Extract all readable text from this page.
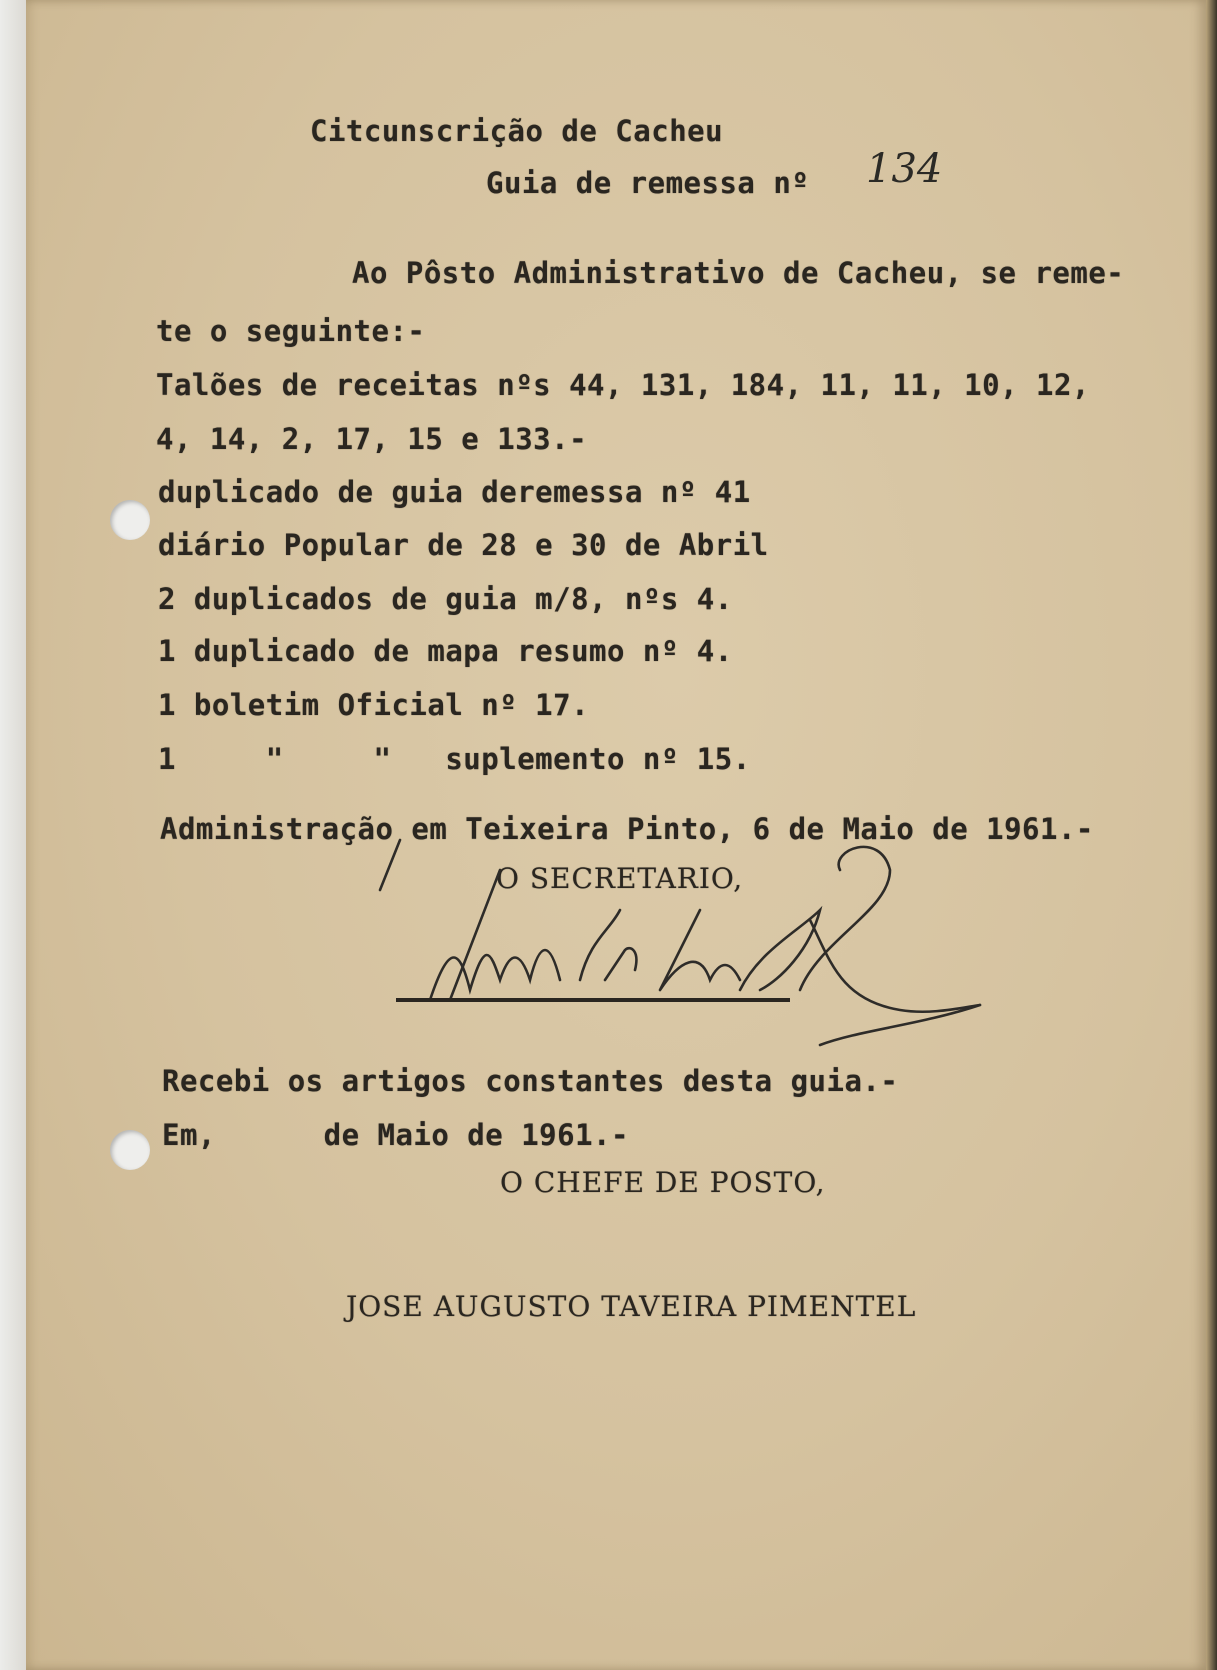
Citcunscrição de Cacheu
Guia de remessa nº 134
Ao Pôsto Administrativo de Cacheu, se reme-
te o seguinte:-
Talões de receitas nºs 44, 131, 184, 11, 11, 10, 12,
4, 14, 2, 17, 15 e 133.-
duplicado de guia deremessa nº 41
diário Popular de 28 e 30 de Abril
2 duplicados de guia m/8, nºs 4.
1 duplicado de mapa resumo nº 4.
1 boletim Oficial nº 17.
1     "     "   suplemento nº 15.
Administração em Teixeira Pinto, 6 de Maio de 1961.-
O SECRETARIO,
Recebi os artigos constantes desta guia.-
Em,      de Maio de 1961.-
O CHEFE DE POSTO,
JOSE AUGUSTO TAVEIRA PIMENTEL
